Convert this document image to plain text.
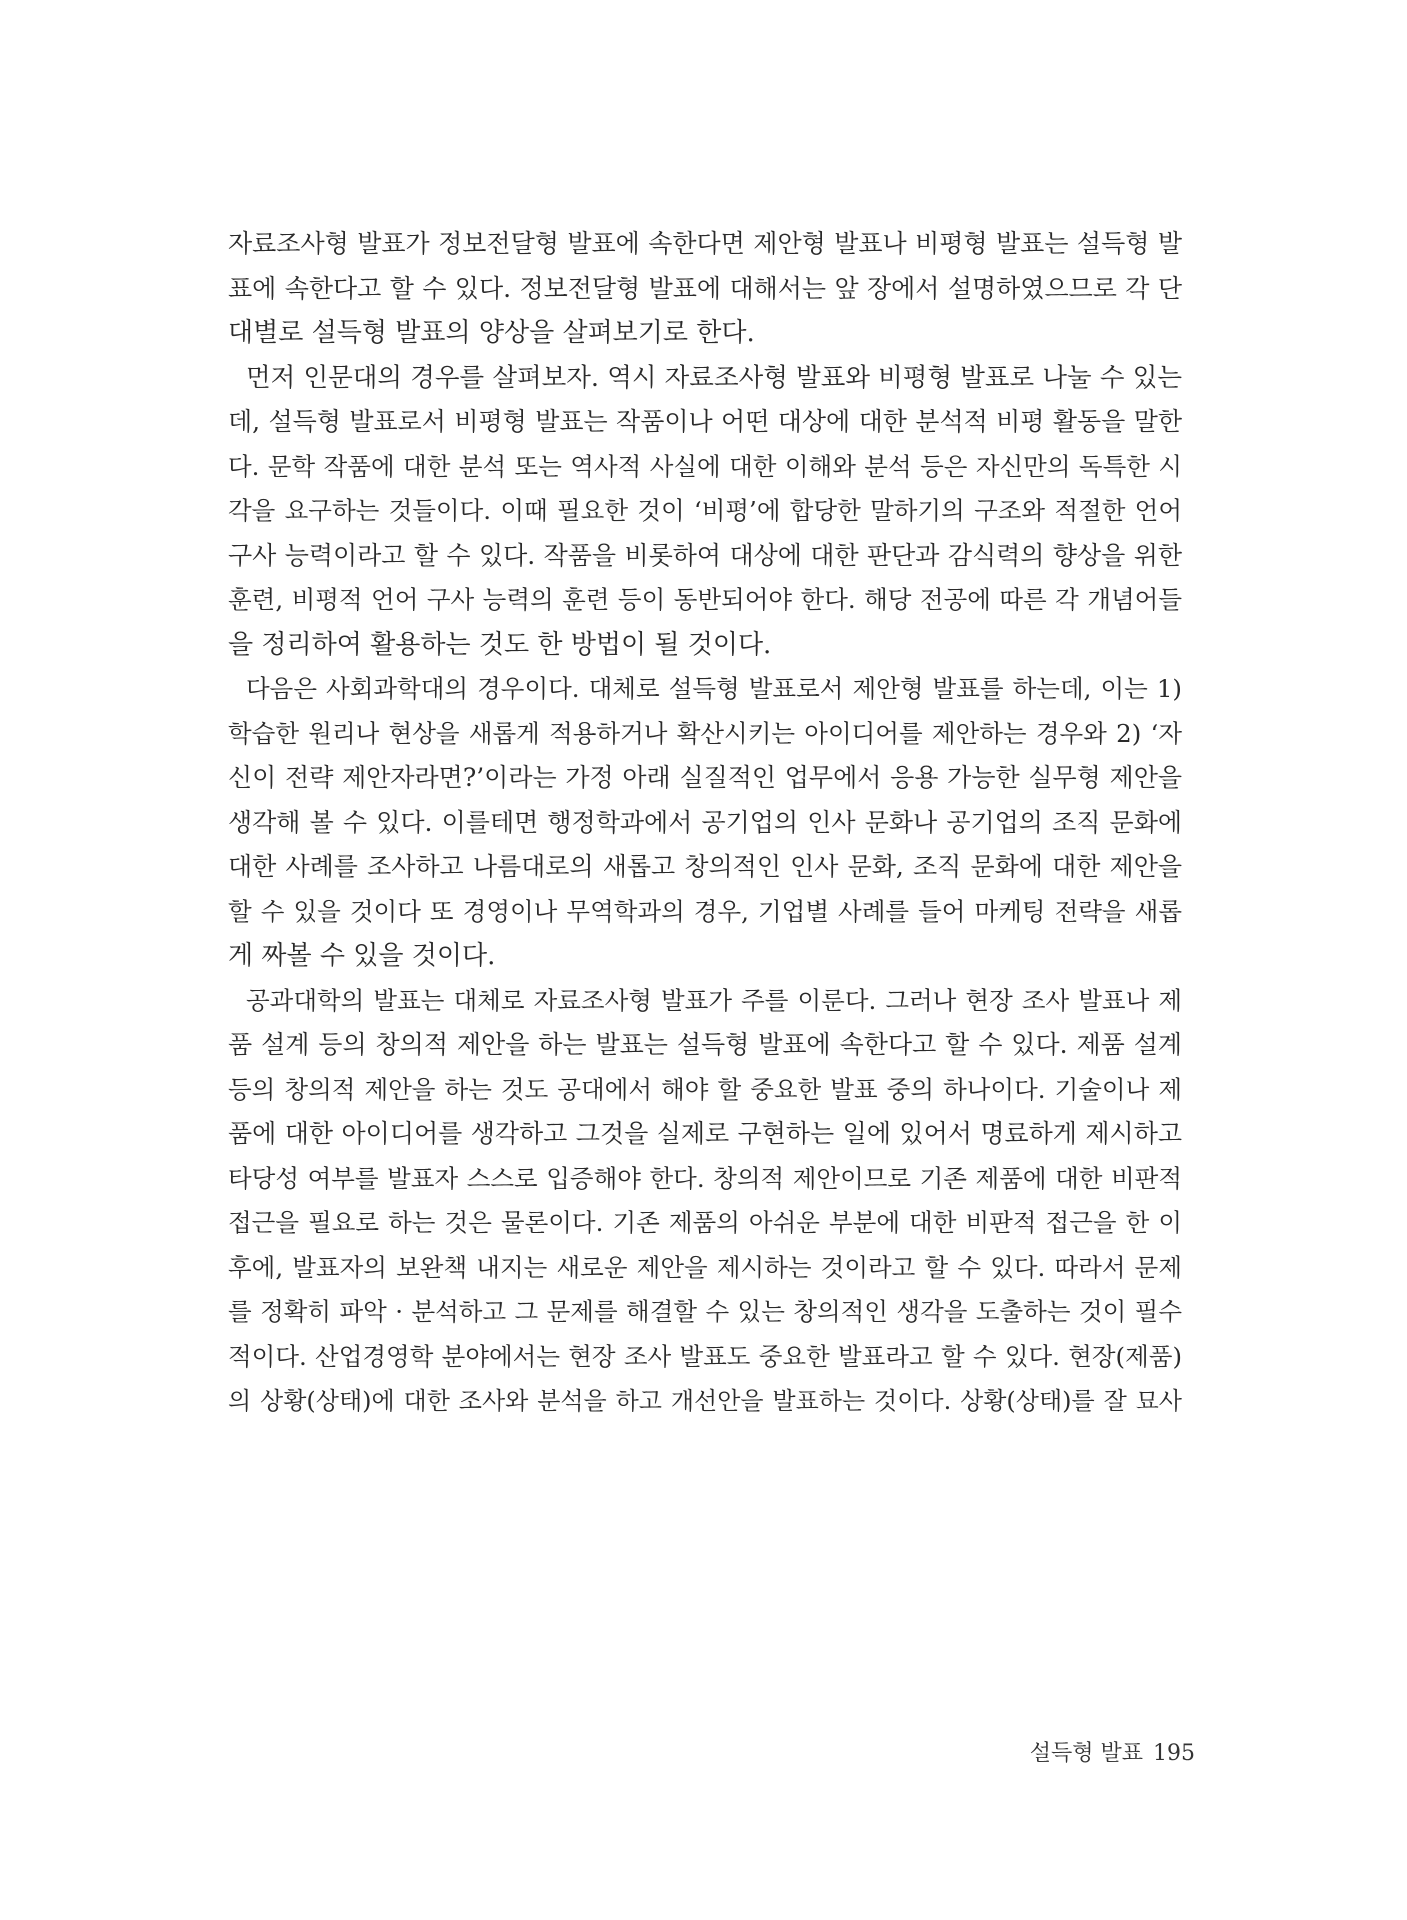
자료조사형 발표가 정보전달형 발표에 속한다면 제안형 발표나 비평형 발표는 설득형 발
표에 속한다고 할 수 있다. 정보전달형 발표에 대해서는 앞 장에서 설명하였으므로 각 단
대별로 설득형 발표의 양상을 살펴보기로 한다.
먼저 인문대의 경우를 살펴보자. 역시 자료조사형 발표와 비평형 발표로 나눌 수 있는
데, 설득형 발표로서 비평형 발표는 작품이나 어떤 대상에 대한 분석적 비평 활동을 말한
다. 문학 작품에 대한 분석 또는 역사적 사실에 대한 이해와 분석 등은 자신만의 독특한 시
각을 요구하는 것들이다. 이때 필요한 것이 ‘비평’에 합당한 말하기의 구조와 적절한 언어
구사 능력이라고 할 수 있다. 작품을 비롯하여 대상에 대한 판단과 감식력의 향상을 위한
훈련, 비평적 언어 구사 능력의 훈련 등이 동반되어야 한다. 해당 전공에 따른 각 개념어들
을 정리하여 활용하는 것도 한 방법이 될 것이다.
다음은 사회과학대의 경우이다. 대체로 설득형 발표로서 제안형 발표를 하는데, 이는 1)
학습한 원리나 현상을 새롭게 적용하거나 확산시키는 아이디어를 제안하는 경우와 2) ‘자
신이 전략 제안자라면?’이라는 가정 아래 실질적인 업무에서 응용 가능한 실무형 제안을
생각해 볼 수 있다. 이를테면 행정학과에서 공기업의 인사 문화나 공기업의 조직 문화에
대한 사례를 조사하고 나름대로의 새롭고 창의적인 인사 문화, 조직 문화에 대한 제안을
할 수 있을 것이다 또 경영이나 무역학과의 경우, 기업별 사례를 들어 마케팅 전략을 새롭
게 짜볼 수 있을 것이다.
공과대학의 발표는 대체로 자료조사형 발표가 주를 이룬다. 그러나 현장 조사 발표나 제
품 설계 등의 창의적 제안을 하는 발표는 설득형 발표에 속한다고 할 수 있다. 제품 설계
등의 창의적 제안을 하는 것도 공대에서 해야 할 중요한 발표 중의 하나이다. 기술이나 제
품에 대한 아이디어를 생각하고 그것을 실제로 구현하는 일에 있어서 명료하게 제시하고
타당성 여부를 발표자 스스로 입증해야 한다. 창의적 제안이므로 기존 제품에 대한 비판적
접근을 필요로 하는 것은 물론이다. 기존 제품의 아쉬운 부분에 대한 비판적 접근을 한 이
후에, 발표자의 보완책 내지는 새로운 제안을 제시하는 것이라고 할 수 있다. 따라서 문제
를 정확히 파악 · 분석하고 그 문제를 해결할 수 있는 창의적인 생각을 도출하는 것이 필수
적이다. 산업경영학 분야에서는 현장 조사 발표도 중요한 발표라고 할 수 있다. 현장(제품)
의 상황(상태)에 대한 조사와 분석을 하고 개선안을 발표하는 것이다. 상황(상태)를 잘 묘사
설득형 발표 195
